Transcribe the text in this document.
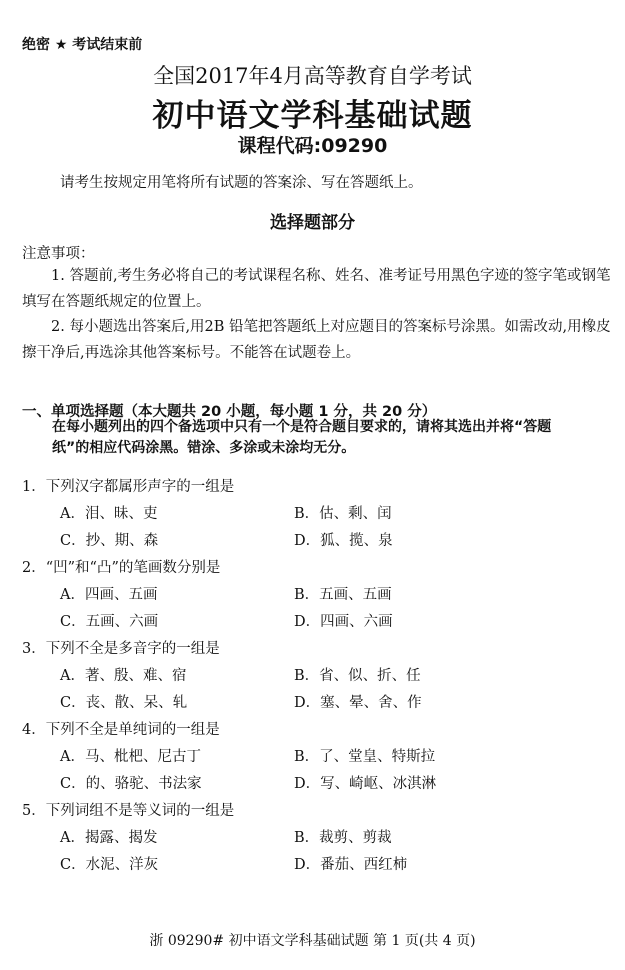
绝密 ★ 考试结束前
全国2017年4月高等教育自学考试
初中语文学科基础试题
课程代码:09290
请考生按规定用笔将所有试题的答案涂、写在答题纸上。
选择题部分
注意事项：
1. 答题前,考生务必将自己的考试课程名称、姓名、准考证号用黑色字迹的签字笔或钢笔填写在答题纸规定的位置上。
2. 每小题选出答案后,用2B 铅笔把答题纸上对应题目的答案标号涂黑。如需改动,用橡皮擦干净后,再选涂其他答案标号。不能答在试题卷上。
一、单项选择题（本大题共 20 小题，每小题 1 分，共 20 分）
在每小题列出的四个备选项中只有一个是符合题目要求的，请将其选出并将“答题纸”的相应代码涂黑。错涂、多涂或未涂均无分。
1．下列汉字都属形声字的一组是
A．泪、昧、吏	B．估、剩、闰
C．抄、期、森	D．狐、揽、泉
2．“凹”和“凸”的笔画数分别是
A．四画、五画	B．五画、五画
C．五画、六画	D．四画、六画
3．下列不全是多音字的一组是
A．著、殷、难、宿	B．省、似、折、任
C．丧、散、呆、轧	D．塞、晕、舍、作
4．下列不全是单纯词的一组是
A．马、枇杷、尼古丁	B．了、堂皇、特斯拉
C．的、骆驼、书法家	D．写、崎岖、冰淇淋
5．下列词组不是等义词的一组是
A．揭露、揭发	B．裁剪、剪裁
C．水泥、洋灰	D．番茄、西红柿
浙 09290# 初中语文学科基础试题 第 1 页(共 4 页)
